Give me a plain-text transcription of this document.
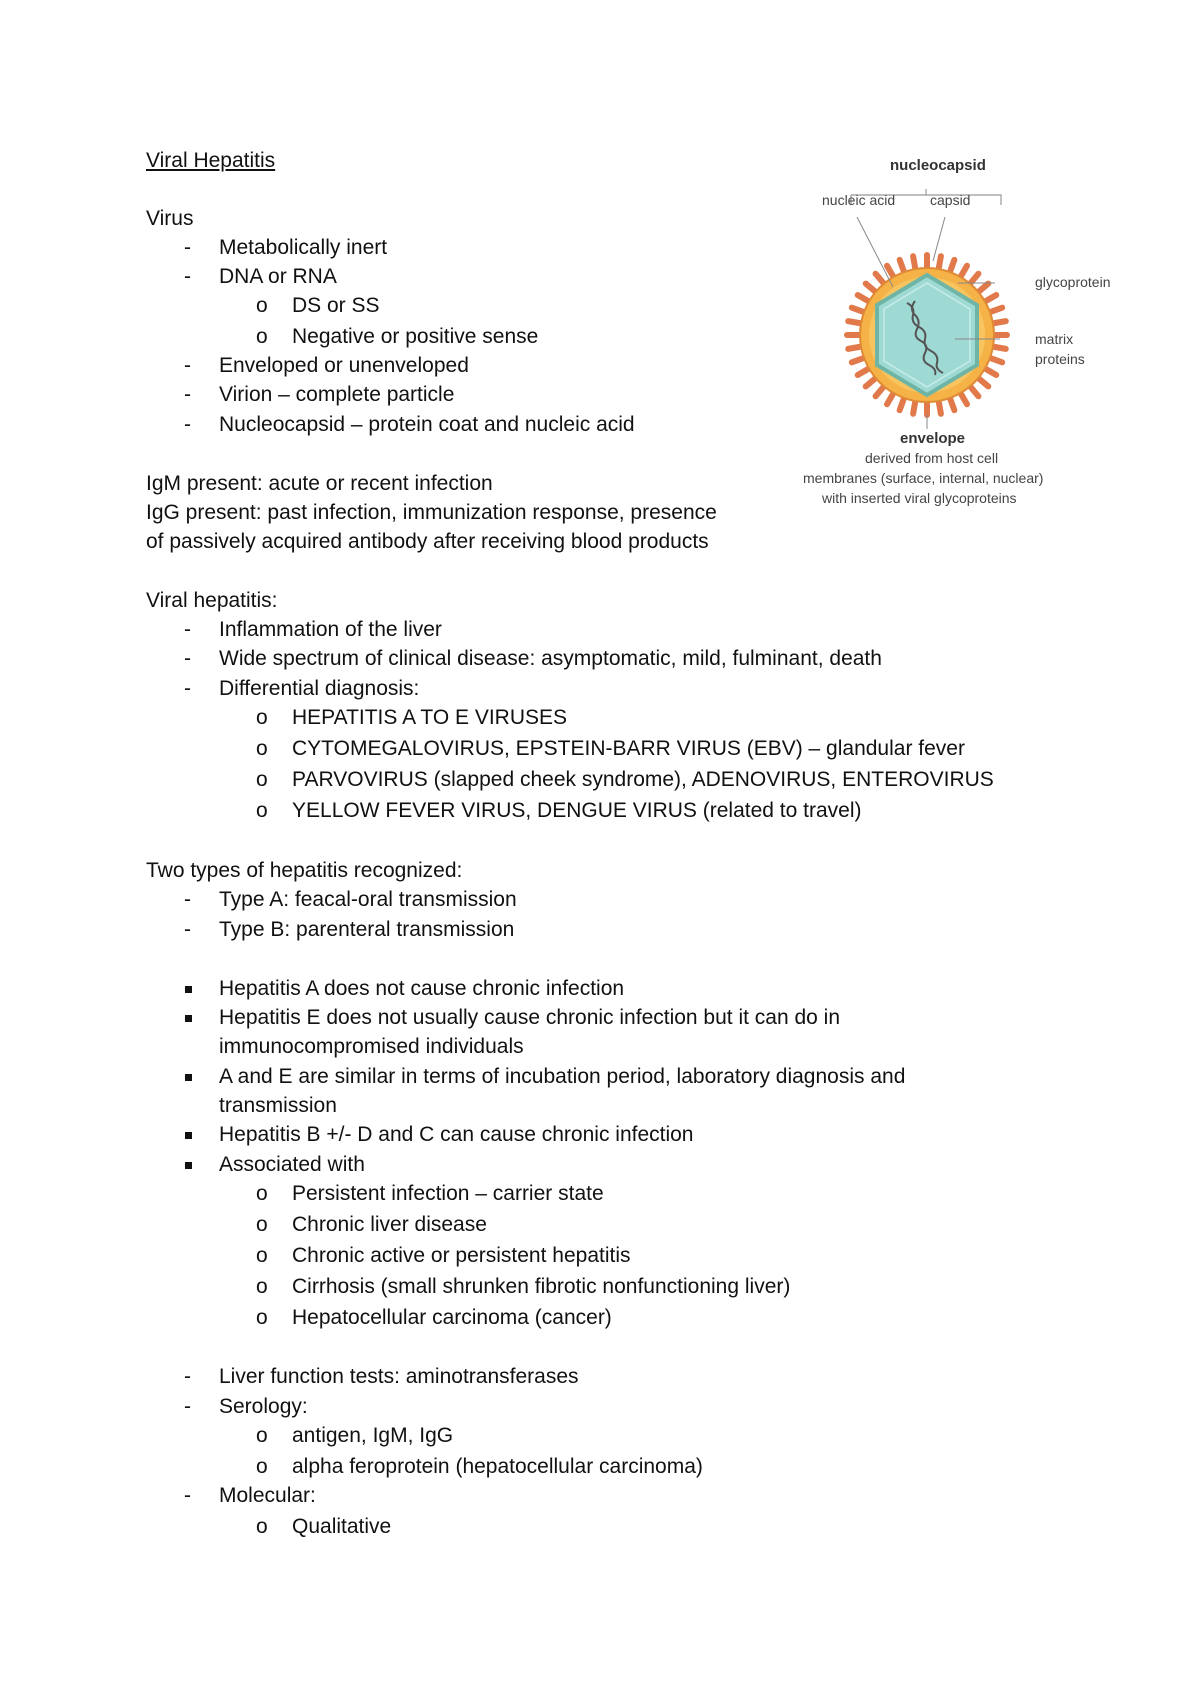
Viral Hepatitis
Virus
- Metabolically inert
- DNA or RNA
o DS or SS
o Negative or positive sense
- Enveloped or unenveloped
- Virion – complete particle
- Nucleocapsid – protein coat and nucleic acid
IgM present: acute or recent infection
IgG present: past infection, immunization response, presence
of passively acquired antibody after receiving blood products
Viral hepatitis:
- Inflammation of the liver
- Wide spectrum of clinical disease: asymptomatic, mild, fulminant, death
- Differential diagnosis:
o HEPATITIS A TO E VIRUSES
o CYTOMEGALOVIRUS, EPSTEIN-BARR VIRUS (EBV) – glandular fever
o PARVOVIRUS (slapped cheek syndrome), ADENOVIRUS, ENTEROVIRUS
o YELLOW FEVER VIRUS, DENGUE VIRUS (related to travel)
Two types of hepatitis recognized:
- Type A: feacal-oral transmission
- Type B: parenteral transmission
Hepatitis A does not cause chronic infection
Hepatitis E does not usually cause chronic infection but it can do in
immunocompromised individuals
A and E are similar in terms of incubation period, laboratory diagnosis and
transmission
Hepatitis B +/- D and C can cause chronic infection
Associated with
o Persistent infection – carrier state
o Chronic liver disease
o Chronic active or persistent hepatitis
o Cirrhosis (small shrunken fibrotic nonfunctioning liver)
o Hepatocellular carcinoma (cancer)
- Liver function tests: aminotransferases
- Serology:
o antigen, IgM, IgG
o alpha feroprotein (hepatocellular carcinoma)
- Molecular:
o Qualitative
nucleocapsid
nucleic acid capsid
glycoprotein
matrix
proteins
envelope
derived from host cell
membranes (surface, internal, nuclear)
with inserted viral glycoproteins
